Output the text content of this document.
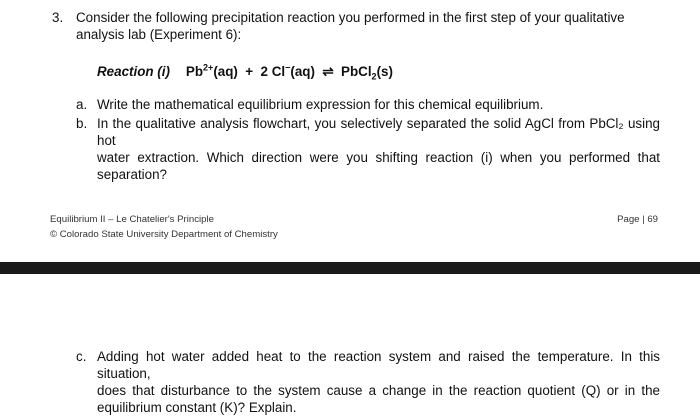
3. Consider the following precipitation reaction you performed in the first step of your qualitative
analysis lab (Experiment 6):
Reaction (i) $Pb^{2+}(aq) + 2$ Cl−(aq)  ⇌  PbCl$_2$(s)
a. Write the mathematical equilibrium expression for this chemical equilibrium.
b. In the qualitative analysis flowchart, you selectively separated the solid AgCl from PbCl₂ using hot
water extraction. Which direction were you shifting reaction (i) when you performed that
separation?
Equilibrium II – Le Chatelier's Principle
© Colorado State University Department of Chemistry
Page | 69
c. Adding hot water added heat to the reaction system and raised the temperature. In this situation,
does that disturbance to the system cause a change in the reaction quotient (Q) or in the
equilibrium constant (K)? Explain.
